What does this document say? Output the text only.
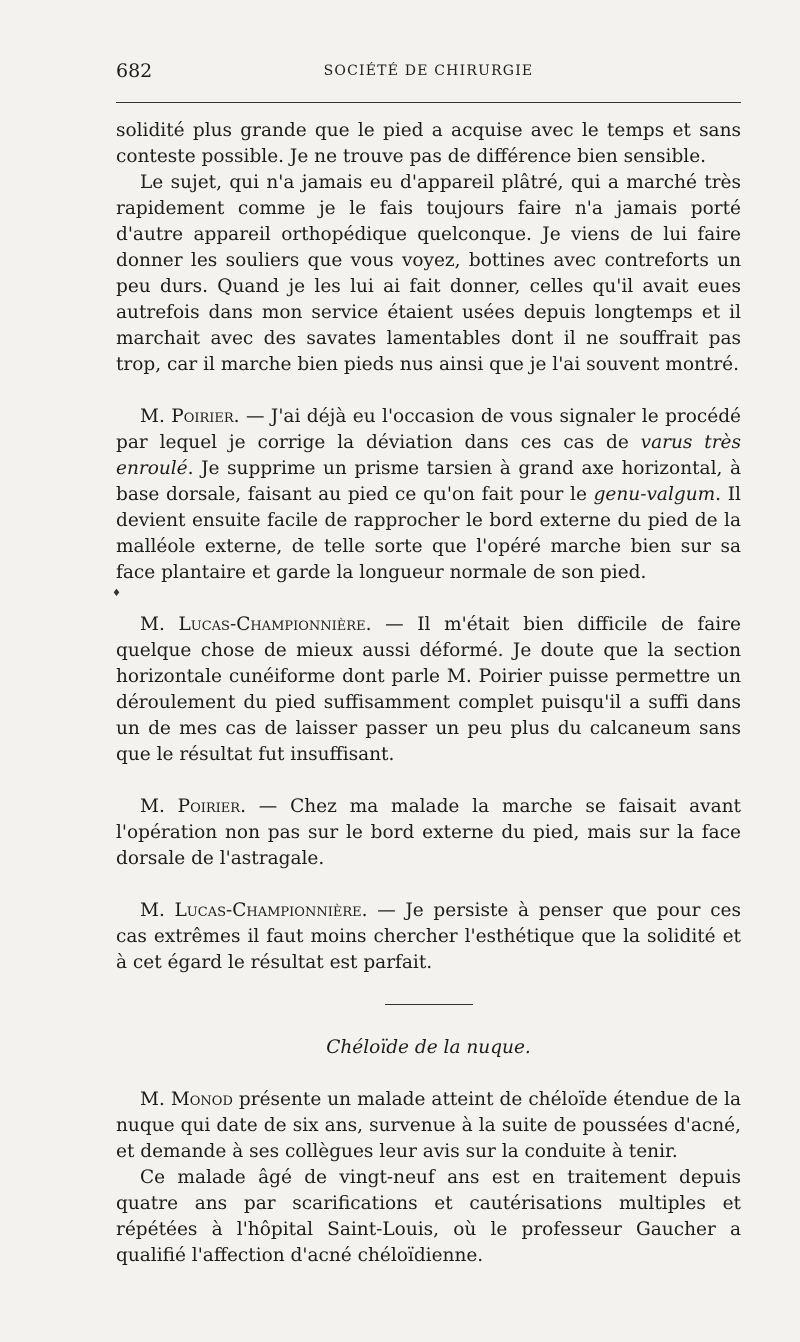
682	SOCIÉTÉ DE CHIRURGIE
♦

solidité plus grande que le pied a acquise avec le temps et sans conteste possible. Je ne trouve pas de différence bien sensible.

Le sujet, qui n'a jamais eu d'appareil plâtré, qui a marché très rapidement comme je le fais toujours faire n'a jamais porté d'autre appareil orthopédique quelconque. Je viens de lui faire donner les souliers que vous voyez, bottines avec contreforts un peu durs. Quand je les lui ai fait donner, celles qu'il avait eues autrefois dans mon service étaient usées depuis longtemps et il marchait avec des savates lamentables dont il ne souffrait pas trop, car il marche bien pieds nus ainsi que je l'ai souvent montré.

M. Poirier. — J'ai déjà eu l'occasion de vous signaler le procédé par lequel je corrige la déviation dans ces cas de varus très enroulé. Je supprime un prisme tarsien à grand axe horizontal, à base dorsale, faisant au pied ce qu'on fait pour le genu-valgum. Il devient ensuite facile de rapprocher le bord externe du pied de la malléole externe, de telle sorte que l'opéré marche bien sur sa face plantaire et garde la longueur normale de son pied.

M. Lucas-Championnière. — Il m'était bien difficile de faire quelque chose de mieux aussi déformé. Je doute que la section horizontale cunéiforme dont parle M. Poirier puisse permettre un déroulement du pied suffisamment complet puisqu'il a suffi dans un de mes cas de laisser passer un peu plus du calcaneum sans que le résultat fut insuffisant.

M. Poirier. — Chez ma malade la marche se faisait avant l'opération non pas sur le bord externe du pied, mais sur la face dorsale de l'astragale.

M. Lucas-Championnière. — Je persiste à penser que pour ces cas extrêmes il faut moins chercher l'esthétique que la solidité et à cet égard le résultat est parfait.

Chéloïde de la nuque.

M. Monod présente un malade atteint de chéloïde étendue de la nuque qui date de six ans, survenue à la suite de poussées d'acné, et demande à ses collègues leur avis sur la conduite à tenir.

Ce malade âgé de vingt-neuf ans est en traitement depuis quatre ans par scarifications et cautérisations multiples et répétées à l'hôpital Saint-Louis, où le professeur Gaucher a qualifié l'affection d'acné chéloïdienne.
